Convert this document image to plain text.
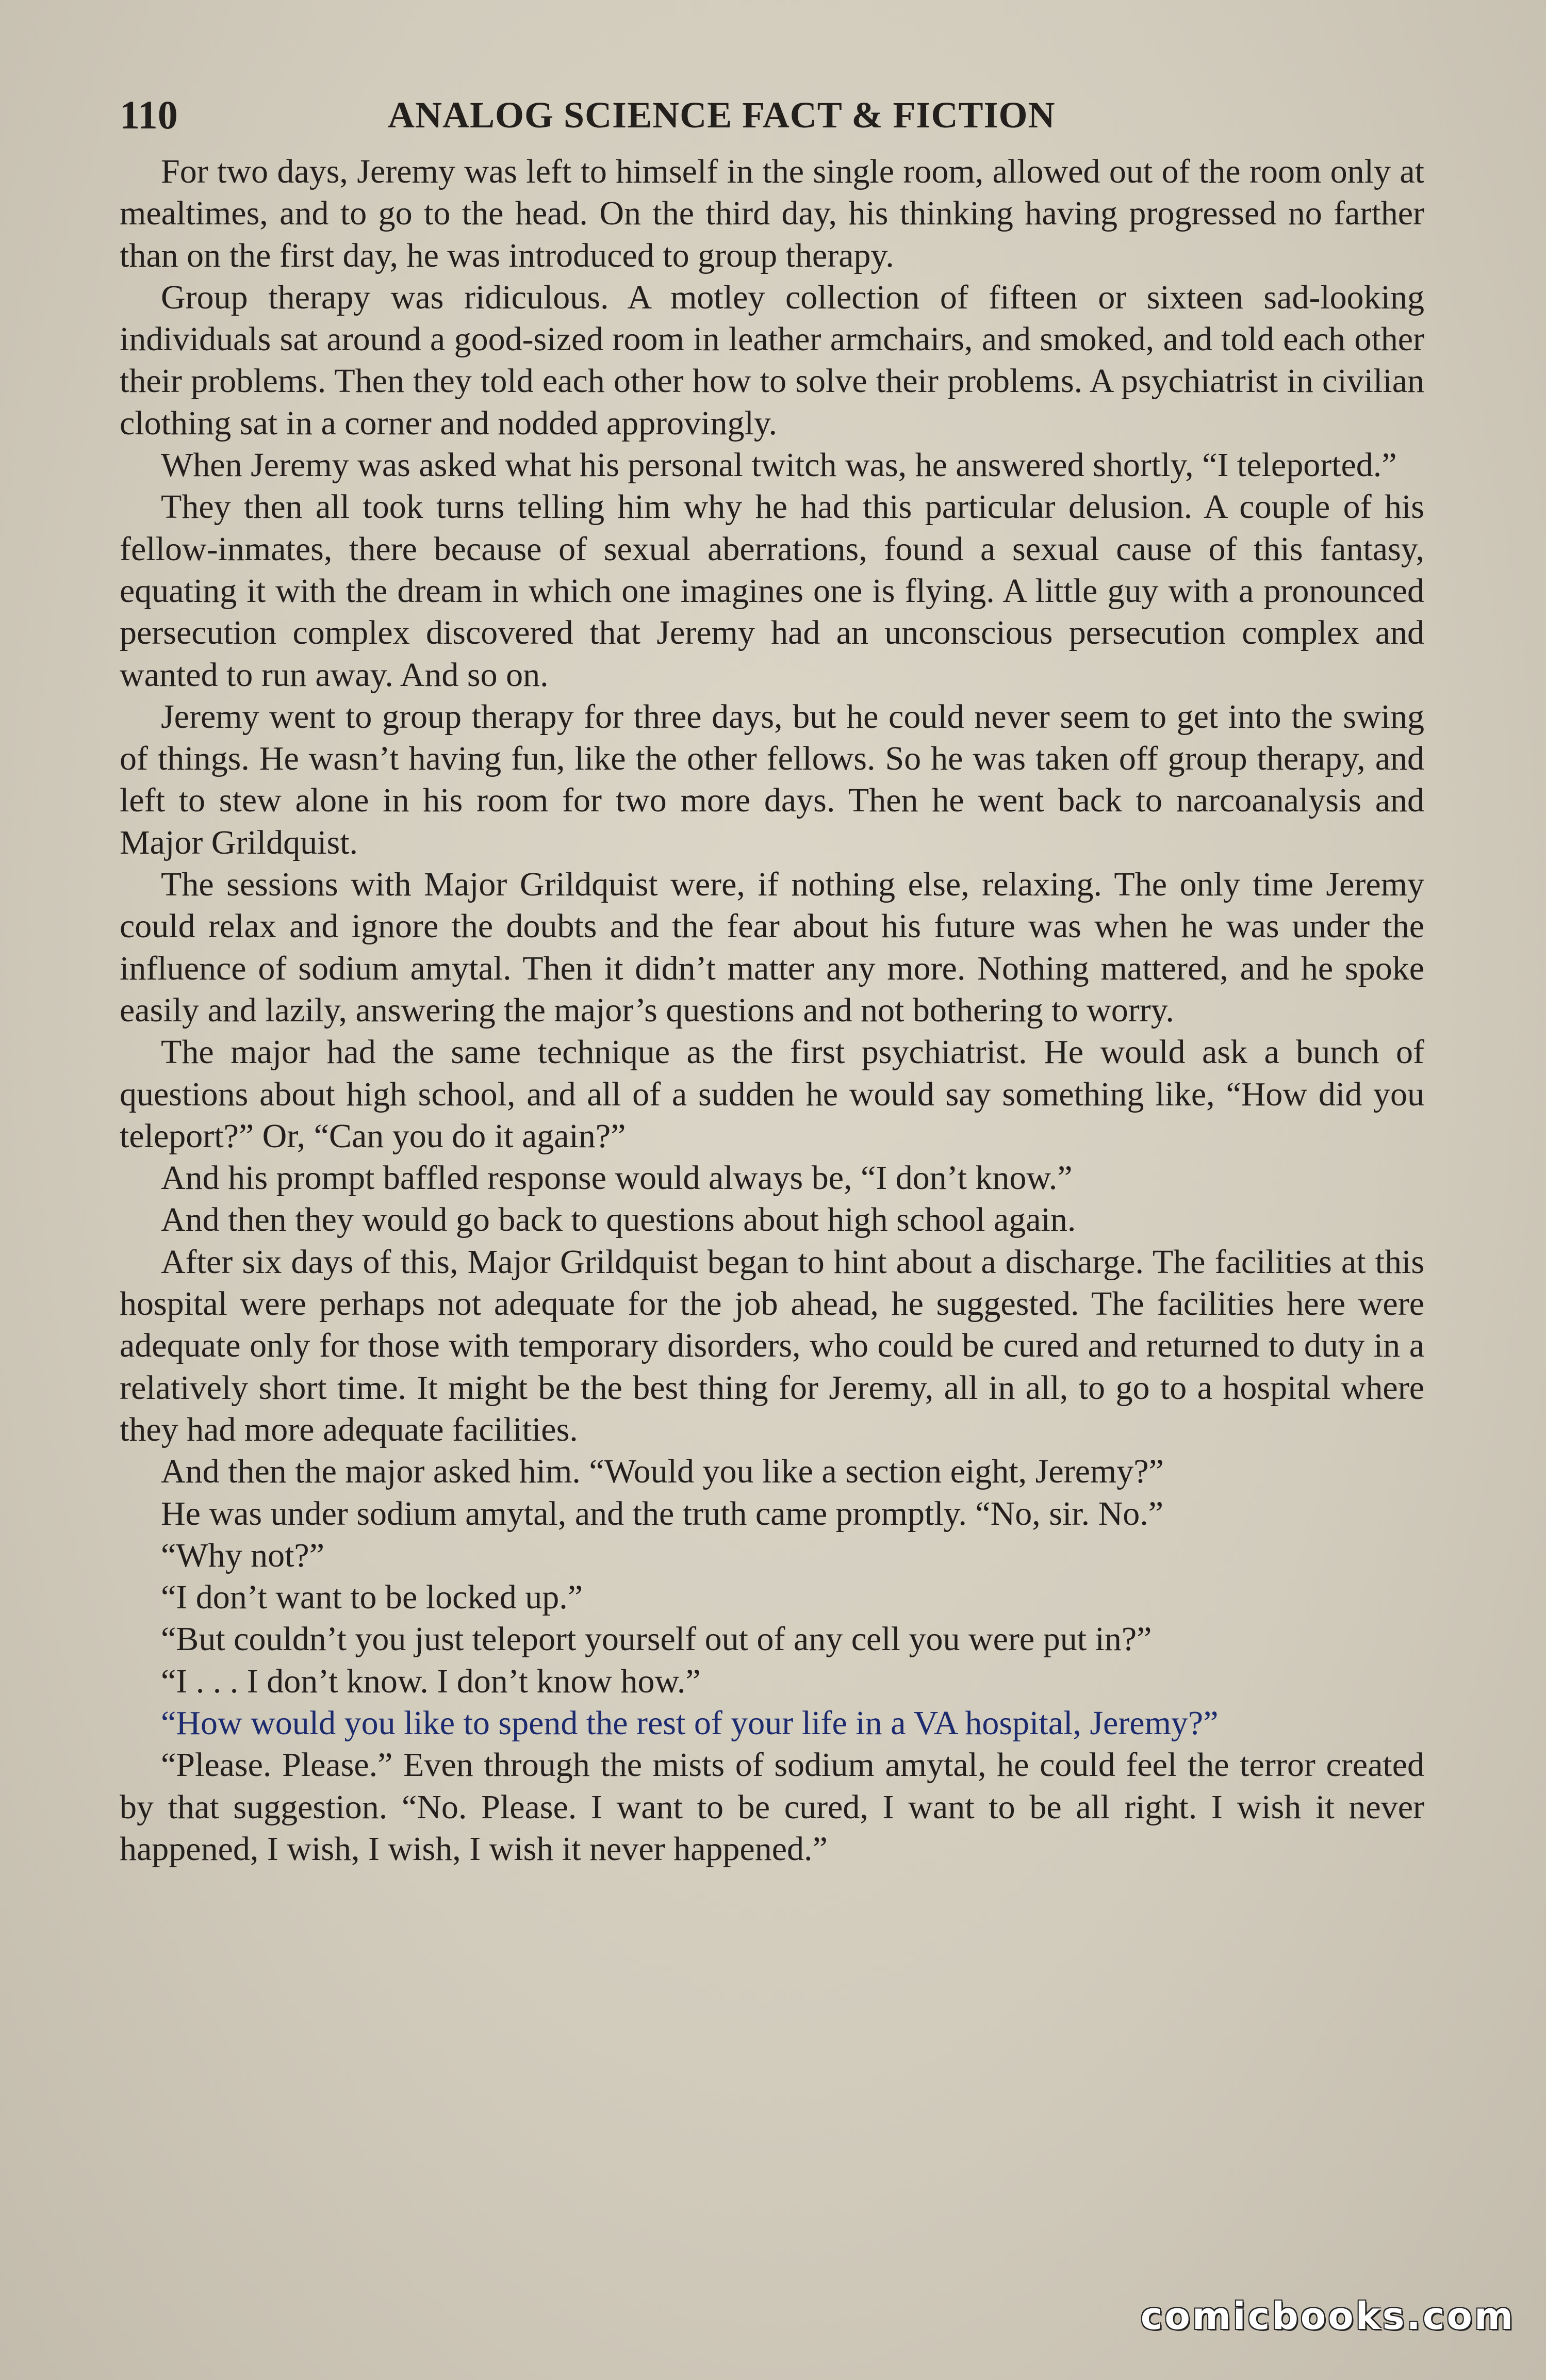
110	ANALOG SCIENCE FACT & FICTION

For two days, Jeremy was left to himself in the single room, allowed out of the room only at mealtimes, and to go to the head. On the third day, his thinking having progressed no farther than on the first day, he was introduced to group therapy.

Group therapy was ridiculous. A motley collection of fifteen or sixteen sad-looking individuals sat around a good-sized room in leather armchairs, and smoked, and told each other their problems. Then they told each other how to solve their problems. A psychiatrist in civilian clothing sat in a corner and nodded approvingly.

When Jeremy was asked what his personal twitch was, he answered shortly, “I teleported.”

They then all took turns telling him why he had this particular delusion. A couple of his fellow-inmates, there because of sexual aberrations, found a sexual cause of this fantasy, equating it with the dream in which one imagines one is flying. A little guy with a pronounced persecution complex discovered that Jeremy had an unconscious persecution complex and wanted to run away. And so on.

Jeremy went to group therapy for three days, but he could never seem to get into the swing of things. He wasn’t having fun, like the other fellows. So he was taken off group therapy, and left to stew alone in his room for two more days. Then he went back to narcoanalysis and Major Grildquist.

The sessions with Major Grildquist were, if nothing else, relaxing. The only time Jeremy could relax and ignore the doubts and the fear about his future was when he was under the influence of sodium amytal. Then it didn’t matter any more. Nothing mattered, and he spoke easily and lazily, answering the major’s questions and not bothering to worry.

The major had the same technique as the first psychiatrist. He would ask a bunch of questions about high school, and all of a sudden he would say something like, “How did you teleport?” Or, “Can you do it again?”

And his prompt baffled response would always be, “I don’t know.”

And then they would go back to questions about high school again.

After six days of this, Major Grildquist began to hint about a discharge. The facilities at this hospital were perhaps not adequate for the job ahead, he suggested. The facilities here were adequate only for those with temporary disorders, who could be cured and returned to duty in a relatively short time. It might be the best thing for Jeremy, all in all, to go to a hospital where they had more adequate facilities.

And then the major asked him. “Would you like a section eight, Jeremy?”

He was under sodium amytal, and the truth came promptly. “No, sir. No.”

“Why not?”

“I don’t want to be locked up.”

“But couldn’t you just teleport yourself out of any cell you were put in?”

“I . . . I don’t know. I don’t know how.”

“How would you like to spend the rest of your life in a VA hospital, Jeremy?”

“Please. Please.” Even through the mists of sodium amytal, he could feel the terror created by that suggestion. “No. Please. I want to be cured, I want to be all right. I wish it never happened, I wish, I wish, I wish it never happened.”

comicbooks.com
